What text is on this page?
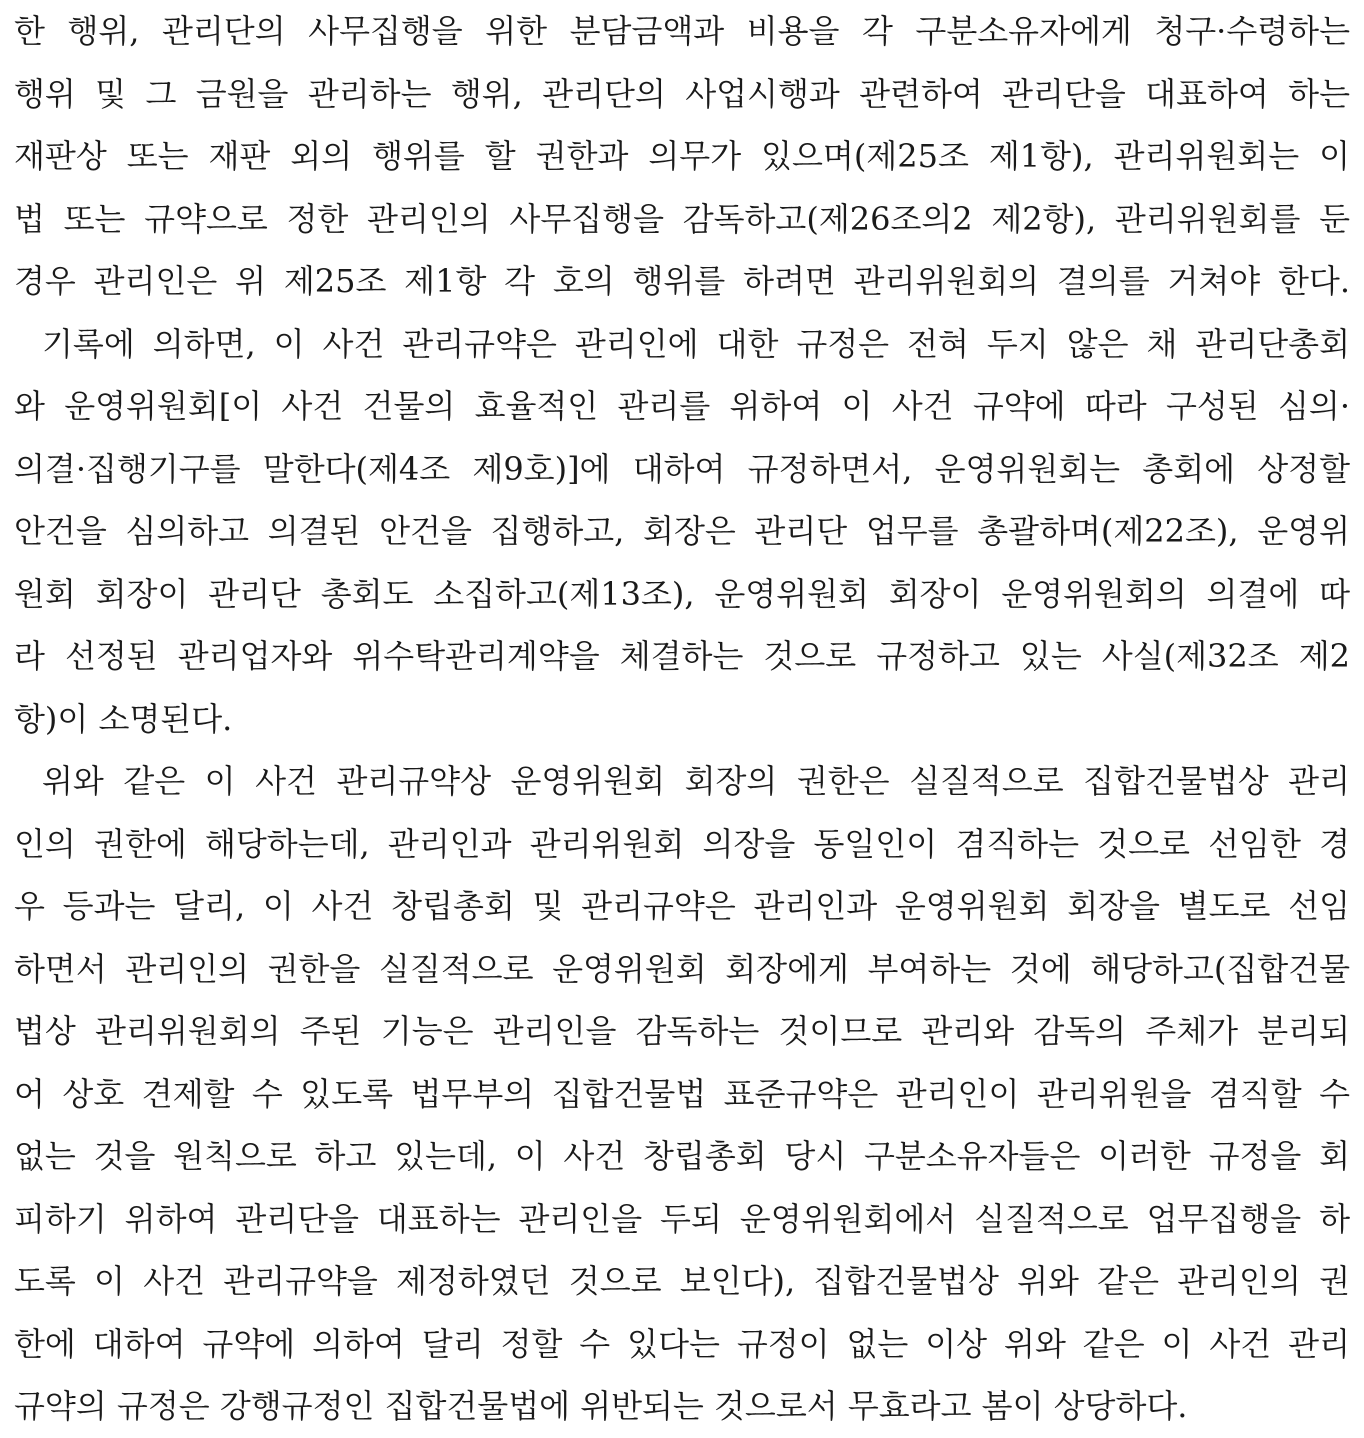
한 행위, 관리단의 사무집행을 위한 분담금액과 비용을 각 구분소유자에게 청구·수령하는
행위 및 그 금원을 관리하는 행위, 관리단의 사업시행과 관련하여 관리단을 대표하여 하는
재판상 또는 재판 외의 행위를 할 권한과 의무가 있으며(제25조 제1항), 관리위원회는 이
법 또는 규약으로 정한 관리인의 사무집행을 감독하고(제26조의2 제2항), 관리위원회를 둔
경우 관리인은 위 제25조 제1항 각 호의 행위를 하려면 관리위원회의 결의를 거쳐야 한다.
기록에 의하면, 이 사건 관리규약은 관리인에 대한 규정은 전혀 두지 않은 채 관리단총회
와 운영위원회[이 사건 건물의 효율적인 관리를 위하여 이 사건 규약에 따라 구성된 심의·
의결·집행기구를 말한다(제4조 제9호)]에 대하여 규정하면서, 운영위원회는 총회에 상정할
안건을 심의하고 의결된 안건을 집행하고, 회장은 관리단 업무를 총괄하며(제22조), 운영위
원회 회장이 관리단 총회도 소집하고(제13조), 운영위원회 회장이 운영위원회의 의결에 따
라 선정된 관리업자와 위수탁관리계약을 체결하는 것으로 규정하고 있는 사실(제32조 제2
항)이 소명된다.
위와 같은 이 사건 관리규약상 운영위원회 회장의 권한은 실질적으로 집합건물법상 관리
인의 권한에 해당하는데, 관리인과 관리위원회 의장을 동일인이 겸직하는 것으로 선임한 경
우 등과는 달리, 이 사건 창립총회 및 관리규약은 관리인과 운영위원회 회장을 별도로 선임
하면서 관리인의 권한을 실질적으로 운영위원회 회장에게 부여하는 것에 해당하고(집합건물
법상 관리위원회의 주된 기능은 관리인을 감독하는 것이므로 관리와 감독의 주체가 분리되
어 상호 견제할 수 있도록 법무부의 집합건물법 표준규약은 관리인이 관리위원을 겸직할 수
없는 것을 원칙으로 하고 있는데, 이 사건 창립총회 당시 구분소유자들은 이러한 규정을 회
피하기 위하여 관리단을 대표하는 관리인을 두되 운영위원회에서 실질적으로 업무집행을 하
도록 이 사건 관리규약을 제정하였던 것으로 보인다), 집합건물법상 위와 같은 관리인의 권
한에 대하여 규약에 의하여 달리 정할 수 있다는 규정이 없는 이상 위와 같은 이 사건 관리
규약의 규정은 강행규정인 집합건물법에 위반되는 것으로서 무효라고 봄이 상당하다.
